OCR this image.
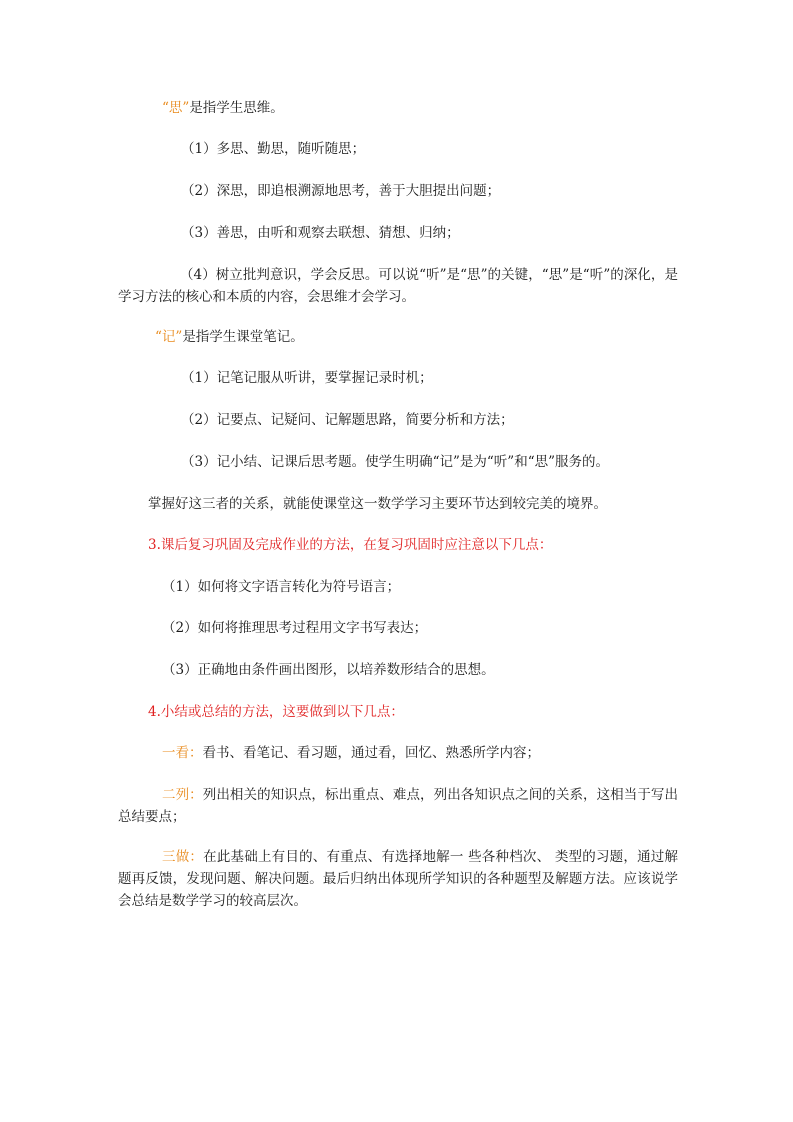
“思”是指学生思维。

（1）多思、勤思，随听随思；

（2）深思，即追根溯源地思考，善于大胆提出问题；

（3）善思，由听和观察去联想、猜想、归纳；

（4）树立批判意识，学会反思。可以说“听”是“思”的关键，“思”是“听”的深化，是学习方法的核心和本质的内容，会思维才会学习。

“记”是指学生课堂笔记。

（1）记笔记服从听讲，要掌握记录时机；

（2）记要点、记疑问、记解题思路，简要分析和方法；

（3）记小结、记课后思考题。使学生明确“记”是为“听”和“思”服务的。

掌握好这三者的关系，就能使课堂这一数学学习主要环节达到较完美的境界。

3.课后复习巩固及完成作业的方法，在复习巩固时应注意以下几点：

（1）如何将文字语言转化为符号语言；

（2）如何将推理思考过程用文字书写表达；

（3）正确地由条件画出图形，以培养数形结合的思想。

4.小结或总结的方法，这要做到以下几点：

一看：看书、看笔记、看习题，通过看，回忆、熟悉所学内容；

二列：列出相关的知识点，标出重点、难点，列出各知识点之间的关系，这相当于写出总结要点；

三做：在此基础上有目的、有重点、有选择地解一 些各种档次、 类型的习题，通过解题再反馈，发现问题、解决问题。最后归纳出体现所学知识的各种题型及解题方法。应该说学会总结是数学学习的较高层次。
